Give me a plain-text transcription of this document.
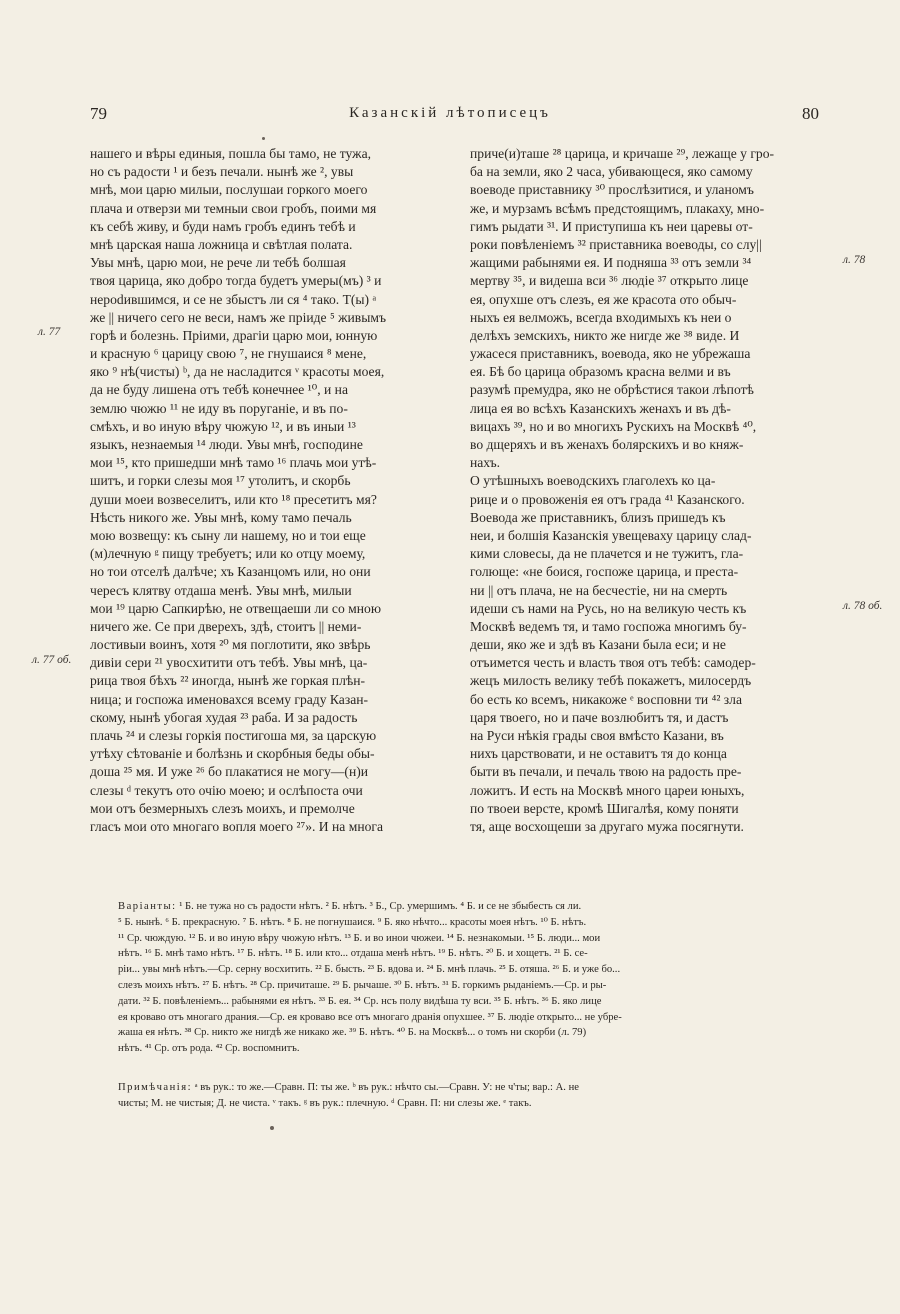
79	Казанскій лѣтописецъ	80
нашего и вѣры единыя, пошла бы тамо, не тужа,
но съ радости ¹ и безъ печали. нынѣ же ², увы
мнѣ, мои царю милыи, послушаи горкого моего
плача и отверзи ми темныи свои гробъ, поими мя
къ себѣ живу, и буди намъ гробъ единъ тебѣ и
мнѣ царская наша ложница и свѣтлая полата.
Увы мнѣ, царю мои, не рече ли тебѣ болшая
твоя царица, яко добро тогда будетъ умеры(мъ) ³ и
нерodившимся, и се не збыстъ ли ся ⁴ тако. Т(ы) ᵃ
же || ничего сего не веси, намъ же пріиде ⁵ живымъ
горѣ и болезнь. Пріими, драгіи царю мои, юнную
и красную ⁶ царицу свою ⁷, не гнушаися ⁸ мене,
яко ⁹ нѣ(чисты) ᵇ, да не насладится ᵛ красоты моея,
да не буду лишена отъ тебѣ конечнее ¹⁰, и на
землю чюжю ¹¹ не иду въ поруганіе, и въ по-
смѣхъ, и во иную вѣру чюжую ¹², и въ иныи ¹³
языкъ, незнаемыя ¹⁴ люди. Увы мнѣ, господине
мои ¹⁵, кто пришедши мнѣ тамо ¹⁶ плачь мои утѣ-
шитъ, и горки слезы моя ¹⁷ утолитъ, и скорбь
души моеи возвеселитъ, или кто ¹⁸ пресетитъ мя?
Нѣсть никого же. Увы мнѣ, кому тамо печаль
мою возвещу: къ сыну ли нашему, но и тои еще
(м)лечную ᵍ пищу требуетъ; или ко отцу моему,
но тои отселѣ далѣче; хъ Казанцомъ или, но они
чересъ клятву отдаша менѣ. Увы мнѣ, милыи
мои ¹⁹ царю Сапкирѣю, не отвещаеши ли со мною
ничего же. Се при дверехъ, здѣ, стоитъ || неми-
лостивыи воинъ, хотя ²⁰ мя поглотити, яко звѣрь
дивіи сери ²¹ увосхитити отъ тебѣ. Увы мнѣ, ца-
рица твоя бѣхъ ²² иногда, нынѣ же горкая плѣн-
ница; и госпожа именовахся всему граду Казан-
скому, нынѣ убогая худая ²³ раба. И за радость
плачь ²⁴ и слезы горкія постигоша мя, за царскую
утѣху сѣтованіе и болѣзнь и скорбныя беды обы-
доша ²⁵ мя. И уже ²⁶ бо плакатися не могу—(н)и
слезы ᵈ текутъ ото очію моею; и ослѣпоста очи
мои отъ безмерныхъ слезъ моихъ, и премолче
гласъ мои ото многаго вопля моего ²⁷». И на многа
приче(и)таше ²⁸ царица, и кричаше ²⁹, лежаще у гро-
ба на земли, яко 2 часа, убивающеся, яко самому
воеводе приставнику ³⁰ прослѣзитися, и уланомъ
же, и мурзамъ всѣмъ предстоящимъ, плакаху, мно-
гимъ рыдати ³¹. И приступиша къ неи царевы от-
роки повѣленіемъ ³² приставника воеводы, со слу||
жащими рабынями ея. И подняша ³³ отъ земли ³⁴
мертву ³⁵, и видеша вси ³⁶ людіе ³⁷ открыто лице
ея, опухше отъ слезъ, ея же красота ото обыч-
ныхъ ея велможъ, всегда входимыхъ къ неи о
делѣхъ земскихъ, никто же нигде же ³⁸ виде. И
ужасеся приставникъ, воевода, яко не убрежаша
ея. Бѣ бо царица образомъ красна велми и въ
разумѣ премудра, яко не обрѣстися такои лѣпотѣ
лица ея во всѣхъ Казанскихъ женахъ и въ дѣ-
вицахъ ³⁹, но и во многихъ Рускихъ на Москвѣ ⁴⁰,
во дщеряхъ и въ женахъ болярскихъ и во княж-
нахъ.
О утѣшныхъ воеводскихъ глаголехъ ко ца-
рице и о провоженія ея отъ града ⁴¹ Казанского.
Воевода же приставникъ, близъ пришедъ къ
неи, и болшія Казанскія увещеваху царицу слад-
кими словесы, да не плачется и не тужитъ, гла-
голюще: «не боися, госпоже царица, и преста-
ни || отъ плача, не на бесчестіе, ни на смерть
идеши съ нами на Русь, но на великую честь къ
Москвѣ ведемъ тя, и тамо госпожа многимъ бу-
деши, яко же и здѣ въ Казани была еси; и не
отъимется честь и власть твоя отъ тебѣ: самодер-
жецъ милость велику тебѣ покажетъ, милосердъ
бо есть ко всемъ, никакоже ᵉ восповни ти ⁴² зла
царя твоего, но и паче возлюбитъ тя, и дастъ
на Руси нѣкія грады своя вмѣсто Казани, въ
нихъ царствовати, и не оставитъ тя до конца
быти въ печали, и печаль твою на радость пре-
ложитъ. И есть на Москвѣ много цареи юныхъ,
по твоеи версте, кромѣ Шигалѣя, кому поняти
тя, аще восхощеши за другаго мужа посягнути.
л. 77
л. 77 об.
л. 78
л. 78 об.
Варіанты: ¹ Б. не тужа но съ радости нѣтъ. ² Б. нѣтъ. ³ Б., Ср. умершимъ. ⁴ Б. и се не збыбесть ся ли.
⁵ Б. нынѣ. ⁶ Б. прекрасную. ⁷ Б. нѣтъ. ⁸ Б. не погнушаися. ⁹ Б. яко нѣчто... красоты моея нѣтъ. ¹⁰ Б. нѣтъ.
¹¹ Ср. чюждую. ¹² Б. и во иную вѣру чюжую нѣтъ. ¹³ Б. и во инои чюжеи. ¹⁴ Б. незнакомыи. ¹⁵ Б. люди... мои
нѣтъ. ¹⁶ Б. мнѣ тамо нѣтъ. ¹⁷ Б. нѣтъ. ¹⁸ Б. или кто... отдаша менѣ нѣтъ. ¹⁹ Б. нѣтъ. ²⁰ Б. и хощетъ. ²¹ Б. се-
ріи... увы мнѣ нѣтъ.—Ср. серну восхитить. ²² Б. бысть. ²³ Б. вдова и. ²⁴ Б. мнѣ плачь. ²⁵ Б. отяша. ²⁶ Б. и уже бо...
слезъ моихъ нѣтъ. ²⁷ Б. нѣтъ. ²⁸ Ср. причиташе. ²⁹ Б. рычаше. ³⁰ Б. нѣтъ. ³¹ Б. горкимъ рыданіемъ.—Ср. и ры-
дати. ³² Б. повѣленіемъ... рабынями ея нѣтъ. ³³ Б. ея. ³⁴ Ср. нсъ полу видѣша ту вси. ³⁵ Б. нѣтъ. ³⁶ Б. яко лице
ея кроваво отъ многаго драния.—Ср. ея кроваво все отъ многаго дранія опухшее. ³⁷ Б. людіе открыто... не убре-
жаша ея нѣтъ. ³⁸ Ср. никто же нигдѣ же никако же. ³⁹ Б. нѣтъ. ⁴⁰ Б. на Москвѣ... о томъ ни скорби (л. 79)
нѣтъ. ⁴¹ Ср. отъ рода. ⁴² Ср. воспомнитъ.
Примѣчанія: ᵃ въ рук.: то же.—Сравн. П: ты же. ᵇ въ рук.: нѣчто сы.—Сравн. У: не ч'ты; вар.: А. не
чисты; М. не чистыя; Д. не чиста. ᵛ такъ. ᵍ въ рук.: плечную. ᵈ Сравн. П: ни слезы же. ᵉ такъ.
